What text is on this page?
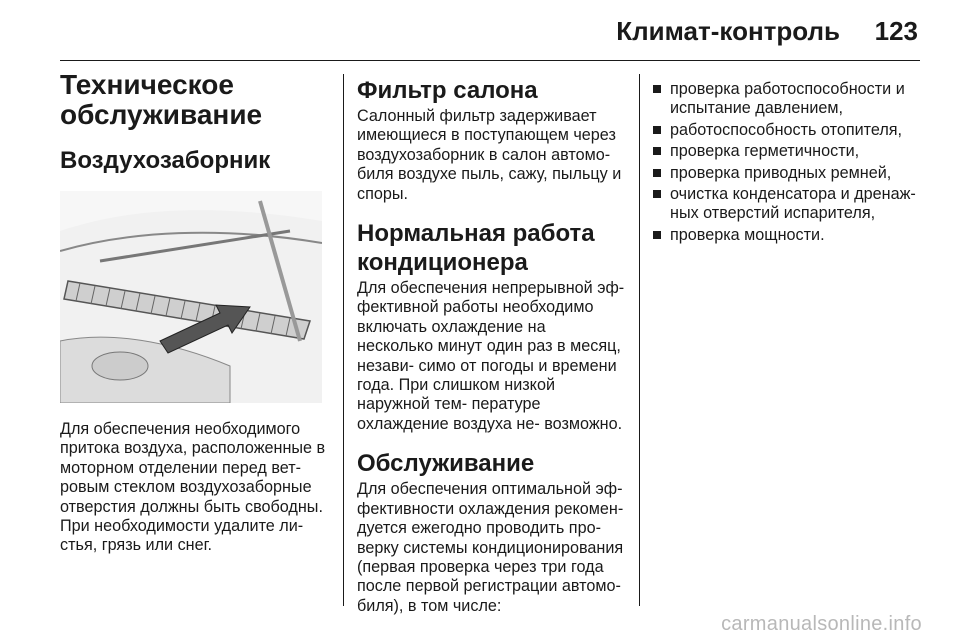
Климат-контроль 123
Техническое обслуживание
Воздухозаборник

Для обеспечения необходимого притока воздуха, расположенные в моторном отделении перед вет- ровым стеклом воздухозаборные отверстия должны быть свободны. При необходимости удалите ли- стья, грязь или снег.

Фильтр салона

Салонный фильтр задерживает имеющиеся в поступающем через воздухозаборник в салон автомо- биля воздухе пыль, сажу, пыльцу и споры.

Нормальная работа кондиционера

Для обеспечения непрерывной эф- фективной работы необходимо включать охлаждение на несколько минут один раз в месяц, незави- симо от погоды и времени года. При слишком низкой наружной тем- пературе охлаждение воздуха не- возможно.

Обслуживание

Для обеспечения оптимальной эф- фективности охлаждения рекомен- дуется ежегодно проводить про- верку системы кондиционирования (первая проверка через три года после первой регистрации автомо- биля), в том числе:

проверка работоспособности и испытание давлением,
работоспособность отопителя,
проверка герметичности,
проверка приводных ремней,
очистка конденсатора и дренаж- ных отверстий испарителя,
проверка мощности.
carmanualsonline.info
